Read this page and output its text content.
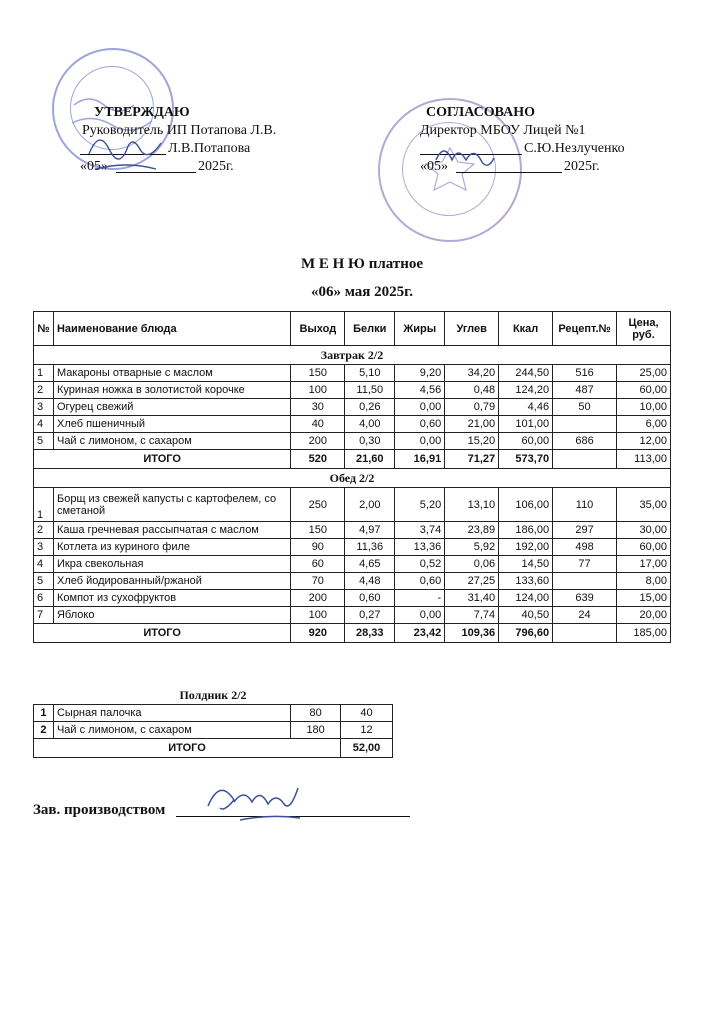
УТВЕРЖДАЮ
Руководитель ИП Потапова Л.В.
Л.В.Потапова
«05»	2025г.
СОГЛАСОВАНО
Директор МБОУ Лицей №1
С.Ю.Незлученко
«05»	2025г.
М Е Н Ю платное
«06» мая 2025г.
№	Наименование блюда	Выход	Белки	Жиры	Углев	Ккал	Рецепт.№	Цена, руб.
Завтрак 2/2								
1	Макароны отварные с маслом	150	5,10	9,20	34,20	244,50	516	25,00
2	Куриная ножка в золотистой корочке	100	11,50	4,56	0,48	124,20	487	60,00
3	Огурец свежий	30	0,26	0,00	0,79	4,46	50	10,00
4	Хлеб пшеничный	40	4,00	0,60	21,00	101,00		6,00
5	Чай с лимоном, с сахаром	200	0,30	0,00	15,20	60,00	686	12,00
ИТОГО		520	21,60	16,91	71,27	573,70		113,00
Обед 2/2								
1	Борщ из свежей капусты с картофелем, со сметаной	250	2,00	5,20	13,10	106,00	110	35,00
2	Каша гречневая рассыпчатая с маслом	150	4,97	3,74	23,89	186,00	297	30,00
3	Котлета из куриного филе	90	11,36	13,36	5,92	192,00	498	60,00
4	Икра свекольная	60	4,65	0,52	0,06	14,50	77	17,00
5	Хлеб йодированный/ржаной	70	4,48	0,60	27,25	133,60		8,00
6	Компот из сухофруктов	200	0,60	-	31,40	124,00	639	15,00
7	Яблоко	100	0,27	0,00	7,74	40,50	24	20,00
ИТОГО		920	28,33	23,42	109,36	796,60		185,00
Полдник 2/2
1	Сырная палочка	80	40
2	Чай с лимоном, с сахаром	180	12
ИТОГО			52,00
Зав. производством
